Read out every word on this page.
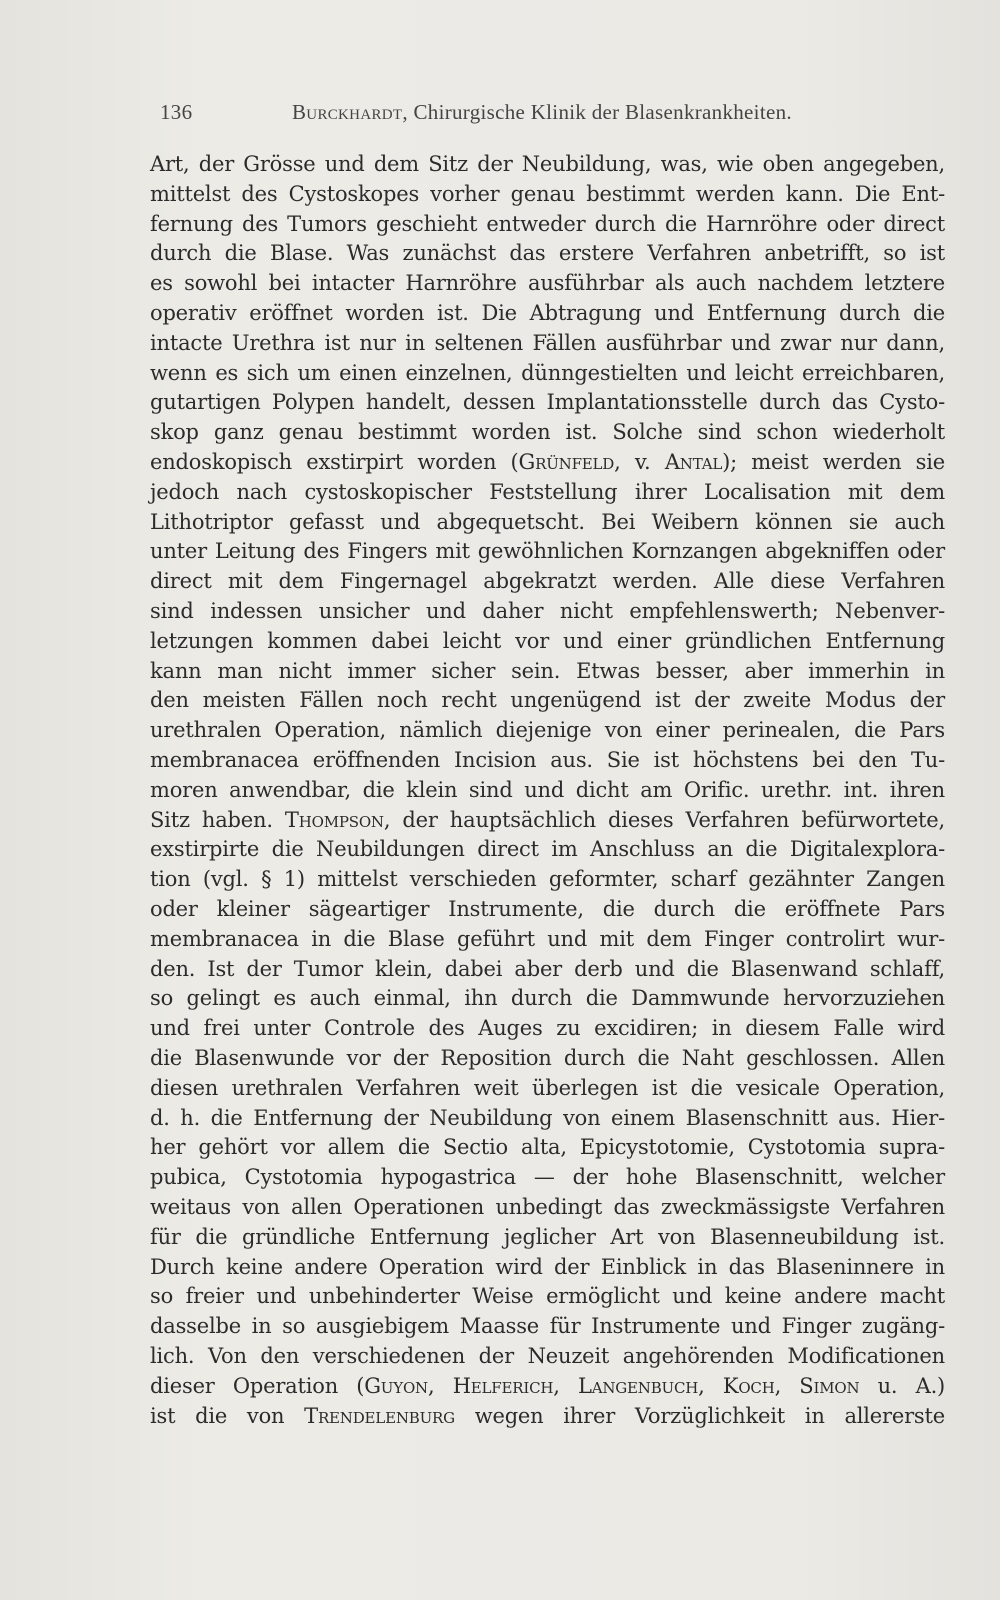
136	Burckhardt, Chirurgische Klinik der Blasenkrankheiten.
Art, der Grösse und dem Sitz der Neubildung, was, wie oben angegeben,
mittelst des Cystoskopes vorher genau bestimmt werden kann. Die Ent-
fernung des Tumors geschieht entweder durch die Harnröhre oder direct
durch die Blase. Was zunächst das erstere Verfahren anbetrifft, so ist
es sowohl bei intacter Harnröhre ausführbar als auch nachdem letztere
operativ eröffnet worden ist. Die Abtragung und Entfernung durch die
intacte Urethra ist nur in seltenen Fällen ausführbar und zwar nur dann,
wenn es sich um einen einzelnen, dünngestielten und leicht erreichbaren,
gutartigen Polypen handelt, dessen Implantationsstelle durch das Cysto-
skop ganz genau bestimmt worden ist. Solche sind schon wiederholt
endoskopisch exstirpirt worden (Grünfeld, v. Antal); meist werden sie
jedoch nach cystoskopischer Feststellung ihrer Localisation mit dem
Lithotriptor gefasst und abgequetscht. Bei Weibern können sie auch
unter Leitung des Fingers mit gewöhnlichen Kornzangen abgekniffen oder
direct mit dem Fingernagel abgekratzt werden. Alle diese Verfahren
sind indessen unsicher und daher nicht empfehlenswerth; Nebenver-
letzungen kommen dabei leicht vor und einer gründlichen Entfernung
kann man nicht immer sicher sein. Etwas besser, aber immerhin in
den meisten Fällen noch recht ungenügend ist der zweite Modus der
urethralen Operation, nämlich diejenige von einer perinealen, die Pars
membranacea eröffnenden Incision aus. Sie ist höchstens bei den Tu-
moren anwendbar, die klein sind und dicht am Orific. urethr. int. ihren
Sitz haben. Thompson, der hauptsächlich dieses Verfahren befürwortete,
exstirpirte die Neubildungen direct im Anschluss an die Digitalexplora-
tion (vgl. § 1) mittelst verschieden geformter, scharf gezähnter Zangen
oder kleiner sägeartiger Instrumente, die durch die eröffnete Pars
membranacea in die Blase geführt und mit dem Finger controlirt wur-
den. Ist der Tumor klein, dabei aber derb und die Blasenwand schlaff,
so gelingt es auch einmal, ihn durch die Dammwunde hervorzuziehen
und frei unter Controle des Auges zu excidiren; in diesem Falle wird
die Blasenwunde vor der Reposition durch die Naht geschlossen. Allen
diesen urethralen Verfahren weit überlegen ist die vesicale Operation,
d. h. die Entfernung der Neubildung von einem Blasenschnitt aus. Hier-
her gehört vor allem die Sectio alta, Epicystotomie, Cystotomia supra-
pubica, Cystotomia hypogastrica — der hohe Blasenschnitt, welcher
weitaus von allen Operationen unbedingt das zweckmässigste Verfahren
für die gründliche Entfernung jeglicher Art von Blasenneubildung ist.
Durch keine andere Operation wird der Einblick in das Blaseninnere in
so freier und unbehinderter Weise ermöglicht und keine andere macht
dasselbe in so ausgiebigem Maasse für Instrumente und Finger zugäng-
lich. Von den verschiedenen der Neuzeit angehörenden Modificationen
dieser Operation (Guyon, Helferich, Langenbuch, Koch, Simon u. A.)
ist die von Trendelenburg wegen ihrer Vorzüglichkeit in allererste
